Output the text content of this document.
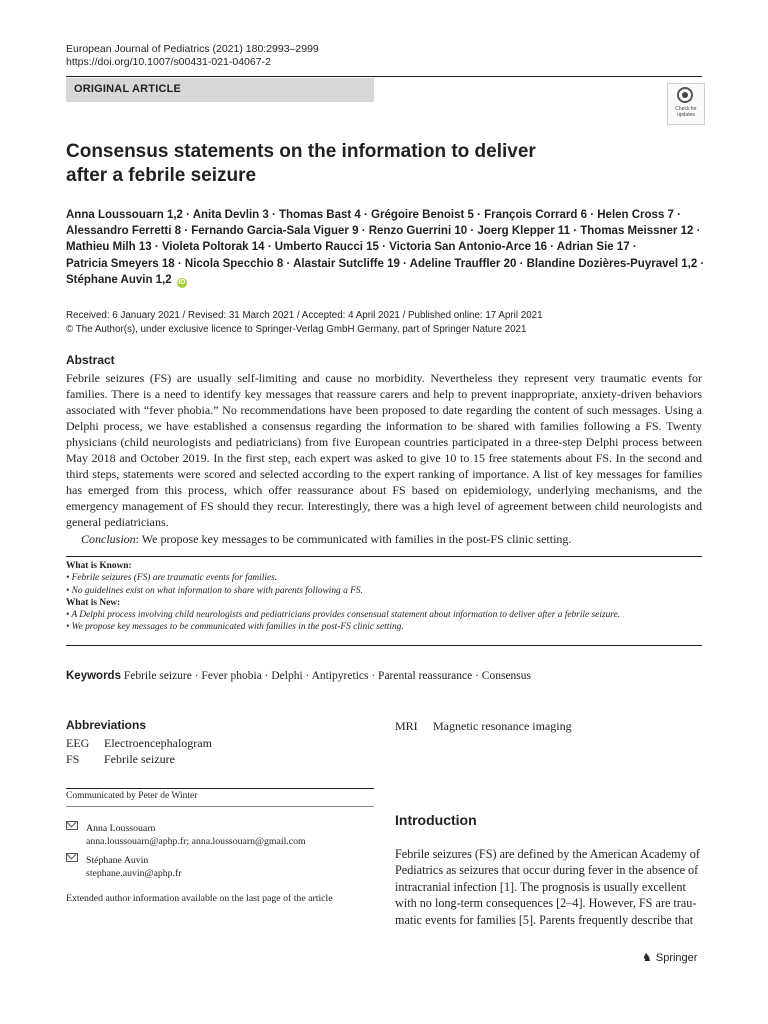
European Journal of Pediatrics (2021) 180:2993–2999
https://doi.org/10.1007/s00431-021-04067-2
ORIGINAL ARTICLE
Check for updates
Consensus statements on the information to deliver
after a febrile seizure
Anna Loussouarn 1,2 · Anita Devlin 3 · Thomas Bast 4 · Grégoire Benoist 5 · François Corrard 6 · Helen Cross 7 ·
Alessandro Ferretti 8 · Fernando Garcia-Sala Viguer 9 · Renzo Guerrini 10 · Joerg Klepper 11 · Thomas Meissner 12 ·
Mathieu Milh 13 · Violeta Poltorak 14 · Umberto Raucci 15 · Victoria San Antonio-Arce 16 · Adrian Sie 17 ·
Patricia Smeyers 18 · Nicola Specchio 8 · Alastair Sutcliffe 19 · Adeline Trauffler 20 · Blandine Dozières-Puyravel 1,2 ·
Stéphane Auvin 1,2 iD
Received: 6 January 2021 / Revised: 31 March 2021 / Accepted: 4 April 2021 / Published online: 17 April 2021
© The Author(s), under exclusive licence to Springer-Verlag GmbH Germany, part of Springer Nature 2021
Abstract

Febrile seizures (FS) are usually self-limiting and cause no morbidity. Nevertheless they represent very traumatic events for families. There is a need to identify key messages that reassure carers and help to prevent inappropriate, anxiety-driven behaviors associated with “fever phobia.” No recommendations have been proposed to date regarding the content of such messages. Using a Delphi process, we have established a consensus regarding the information to be shared with families following a FS. Twenty physicians (child neurologists and pediatricians) from five European countries participated in a three-step Delphi process between May 2018 and October 2019. In the first step, each expert was asked to give 10 to 15 free statements about FS. In the second and third steps, statements were scored and selected according to the expert ranking of importance. A list of key messages for families has emerged from this process, which offer reassurance about FS based on epidemiology, underlying mechanisms, and the emergency management of FS should they recur. Interestingly, there was a high level of agreement between child neurologists and general pediatricians.

Conclusion: We propose key messages to be communicated with families in the post-FS clinic setting.
What is Known:
• Febrile seizures (FS) are traumatic events for families.
• No guidelines exist on what information to share with parents following a FS.
What is New:
• A Delphi process involving child neurologists and pediatricians provides consensual statement about information to deliver after a febrile seizure.
• We propose key messages to be communicated with families in the post-FS clinic setting.
Keywords Febrile seizure · Fever phobia · Delphi · Antipyretics · Parental reassurance · Consensus
Abbreviations
EEG Electroencephalogram
FS Febrile seizure
MRI Magnetic resonance imaging
Communicated by Peter de Winter
Anna Loussouarn
anna.loussouarn@aphp.fr; anna.loussouarn@gmail.com
Stéphane Auvin
stephane.auvin@aphp.fr
Extended author information available on the last page of the article
Introduction
Febrile seizures (FS) are defined by the American Academy of
Pediatrics as seizures that occur during fever in the absence of
intracranial infection [1]. The prognosis is usually excellent
with no long-term consequences [2–4]. However, FS are trau-
matic events for families [5]. Parents frequently describe that
♞ Springer
